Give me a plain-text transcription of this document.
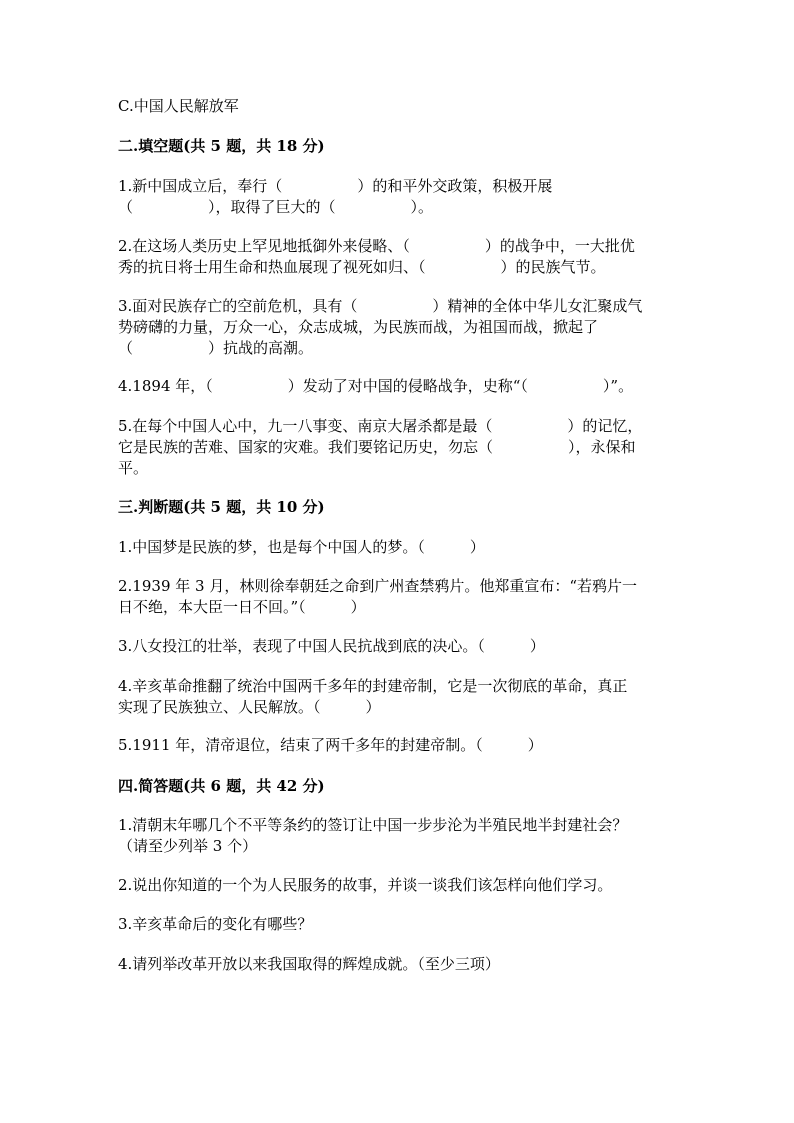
C.中国人民解放军
二.填空题(共 5 题，共 18 分)
1.新中国成立后，奉行（　　　　　）的和平外交政策，积极开展
（　　　　　），取得了巨大的（　　　　　）。
2.在这场人类历史上罕见地抵御外来侵略、（　　　　　）的战争中，一大批优
秀的抗日将士用生命和热血展现了视死如归、（　　　　　）的民族气节。
3.面对民族存亡的空前危机，具有（　　　　　）精神的全体中华儿女汇聚成气
势磅礴的力量，万众一心，众志成城，为民族而战，为祖国而战，掀起了
（　　　　　）抗战的高潮。
4.1894 年，（　　　　　）发动了对中国的侵略战争，史称“（　　　　　）”。
5.在每个中国人心中，九一八事变、南京大屠杀都是最（　　　　　）的记忆，
它是民族的苦难、国家的灾难。我们要铭记历史，勿忘（　　　　　），永保和
平。
三.判断题(共 5 题，共 10 分)
1.中国梦是民族的梦，也是每个中国人的梦。（　　　）
2.1939 年 3 月，林则徐奉朝廷之命到广州查禁鸦片。他郑重宣布：“若鸦片一
日不绝，本大臣一日不回。”（　　　）
3.八女投江的壮举，表现了中国人民抗战到底的决心。（　　　）
4.辛亥革命推翻了统治中国两千多年的封建帝制，它是一次彻底的革命，真正
实现了民族独立、人民解放。（　　　）
5.1911 年，清帝退位，结束了两千多年的封建帝制。（　　　）
四.简答题(共 6 题，共 42 分)
1.清朝末年哪几个不平等条约的签订让中国一步步沦为半殖民地半封建社会？
（请至少列举 3 个）
2.说出你知道的一个为人民服务的故事，并谈一谈我们该怎样向他们学习。
3.辛亥革命后的变化有哪些？
4.请列举改革开放以来我国取得的辉煌成就。（至少三项）
